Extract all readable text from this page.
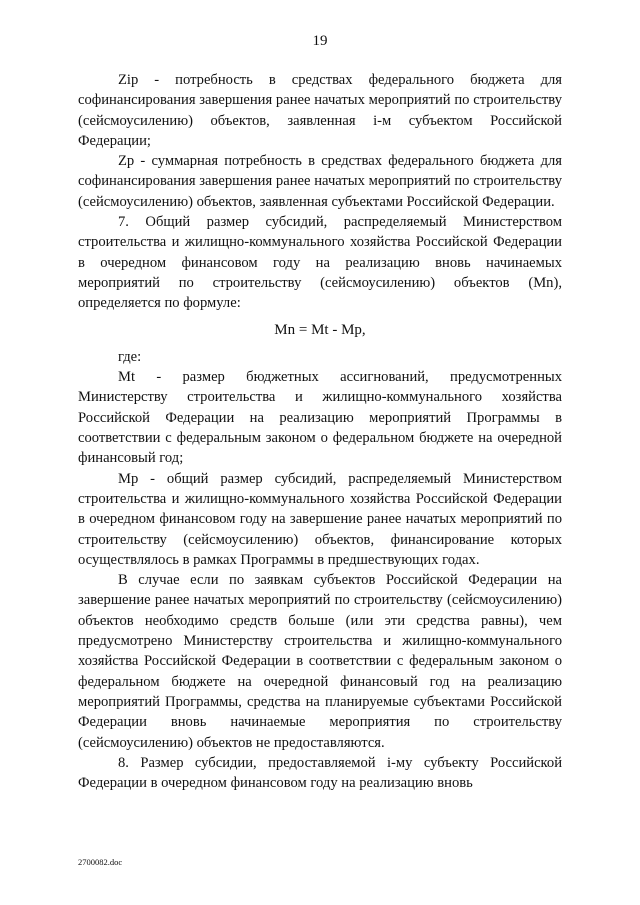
19

Zip - потребность в средствах федерального бюджета для софинансирования завершения ранее начатых мероприятий по строительству (сейсмоусилению) объектов, заявленная i-м субъектом Российской Федерации;

Zp - суммарная потребность в средствах федерального бюджета для софинансирования завершения ранее начатых мероприятий по строительству (сейсмоусилению) объектов, заявленная субъектами Российской Федерации.

7. Общий размер субсидий, распределяемый Министерством строительства и жилищно-коммунального хозяйства Российской Федерации в очередном финансовом году на реализацию вновь начинаемых мероприятий по строительству (сейсмоусилению) объектов (Mn), определяется по формуле:

Mn = Mt - Mp,

где:

Mt - размер бюджетных ассигнований, предусмотренных Министерству строительства и жилищно-коммунального хозяйства Российской Федерации на реализацию мероприятий Программы в соответствии с федеральным законом о федеральном бюджете на очередной финансовый год;

Mp - общий размер субсидий, распределяемый Министерством строительства и жилищно-коммунального хозяйства Российской Федерации в очередном финансовом году на завершение ранее начатых мероприятий по строительству (сейсмоусилению) объектов, финансирование которых осуществлялось в рамках Программы в предшествующих годах.

В случае если по заявкам субъектов Российской Федерации на завершение ранее начатых мероприятий по строительству (сейсмоусилению) объектов необходимо средств больше (или эти средства равны), чем предусмотрено Министерству строительства и жилищно-коммунального хозяйства Российской Федерации в соответствии с федеральным законом о федеральном бюджете на очередной финансовый год на реализацию мероприятий Программы, средства на планируемые субъектами Российской Федерации вновь начинаемые мероприятия по строительству (сейсмоусилению) объектов не предоставляются.

8. Размер субсидии, предоставляемой i-му субъекту Российской Федерации в очередном финансовом году на реализацию вновь

2700082.doc
